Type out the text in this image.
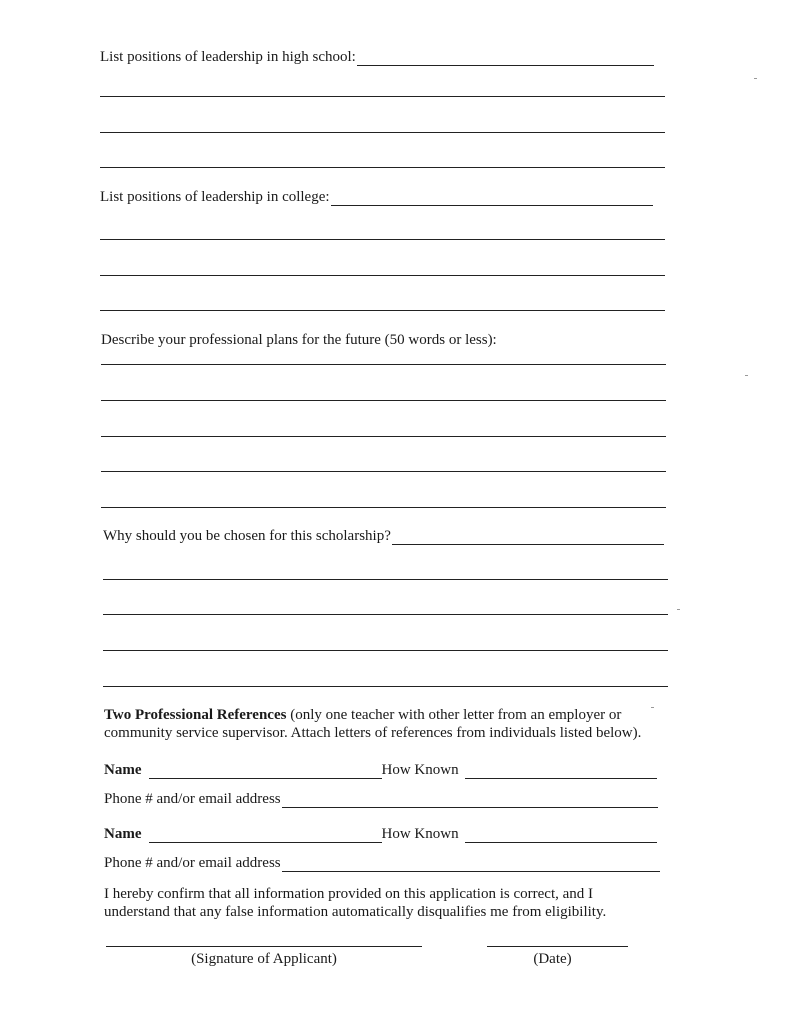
List positions of leadership in high school:
List positions of leadership in college:
Describe your professional plans for the future (50 words or less):
Why should you be chosen for this scholarship?
Two Professional References (only one teacher with other letter from an employer or
community service supervisor. Attach letters of references from individuals listed below).
Name	How Known
Phone # and/or email address
Name	How Known
Phone # and/or email address
I hereby confirm that all information provided on this application is correct, and I
understand that any false information automatically disqualifies me from eligibility.
(Signature of Applicant)	(Date)
